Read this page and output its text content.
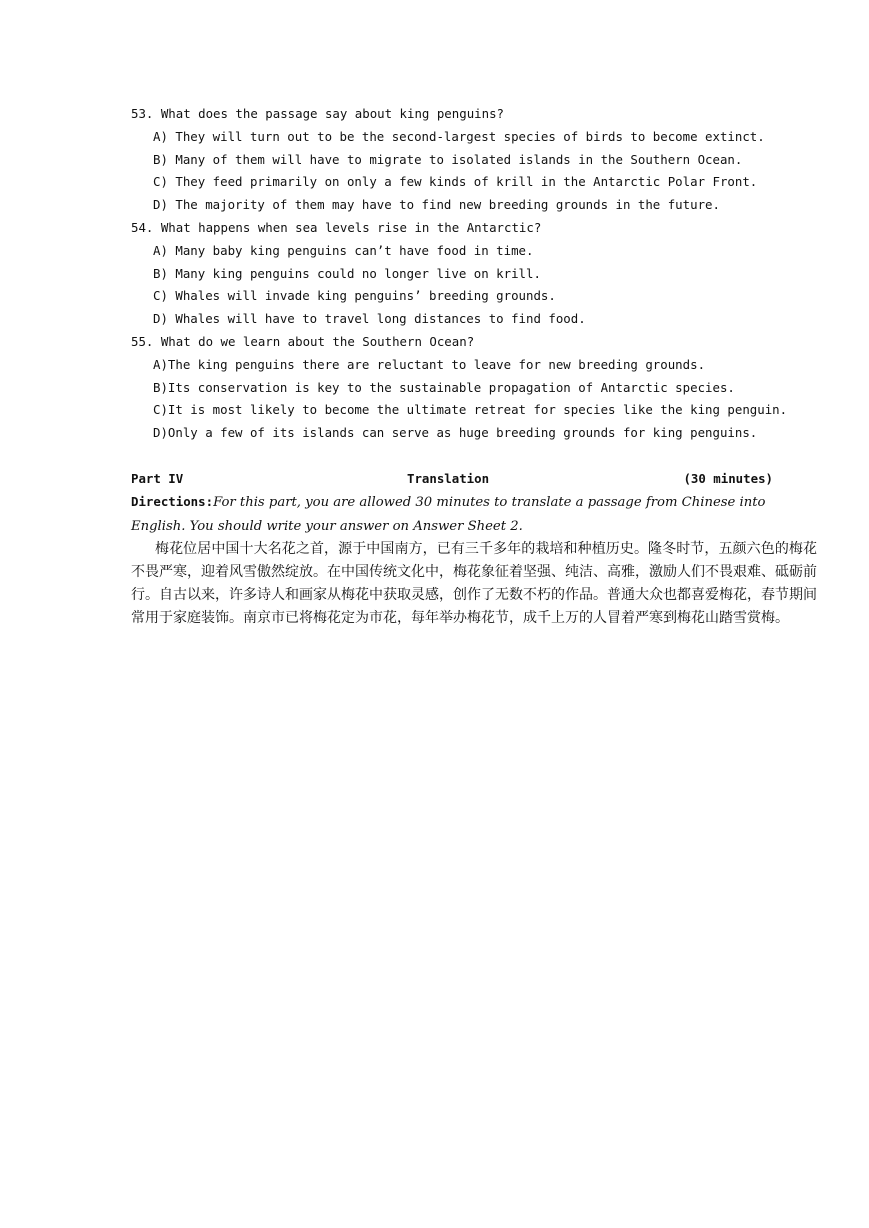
53. What does the passage say about king penguins?
A) They will turn out to be the second-largest species of birds to become extinct.
B) Many of them will have to migrate to isolated islands in the Southern Ocean.
C) They feed primarily on only a few kinds of krill in the Antarctic Polar Front.
D) The majority of them may have to find new breeding grounds in the future.
54. What happens when sea levels rise in the Antarctic?
A) Many baby king penguins can’t have food in time.
B) Many king penguins could no longer live on krill.
C) Whales will invade king penguins’ breeding grounds.
D) Whales will have to travel long distances to find food.
55. What do we learn about the Southern Ocean?
A)The king penguins there are reluctant to leave for new breeding grounds.
B)Its conservation is key to the sustainable propagation of Antarctic species.
C)It is most likely to become the ultimate retreat for species like the king penguin.
D)Only a few of its islands can serve as huge breeding grounds for king penguins.
Part IV	Translation	(30 minutes)
Directions:For this part, you are allowed 30 minutes to translate a passage from Chinese into English. You should write your answer on Answer Sheet 2.
梅花位居中国十大名花之首，源于中国南方，已有三千多年的栽培和种植历史。隆冬时节，五颜六色的梅花不畏严寒，迎着风雪傲然绽放。在中国传统文化中，梅花象征着坚强、纯洁、高雅，激励人们不畏艰难、砥砺前行。自古以来，许多诗人和画家从梅花中获取灵感，创作了无数不朽的作品。普通大众也都喜爱梅花，春节期间常用于家庭装饰。南京市已将梅花定为市花，每年举办梅花节，成千上万的人冒着严寒到梅花山踏雪赏梅。
